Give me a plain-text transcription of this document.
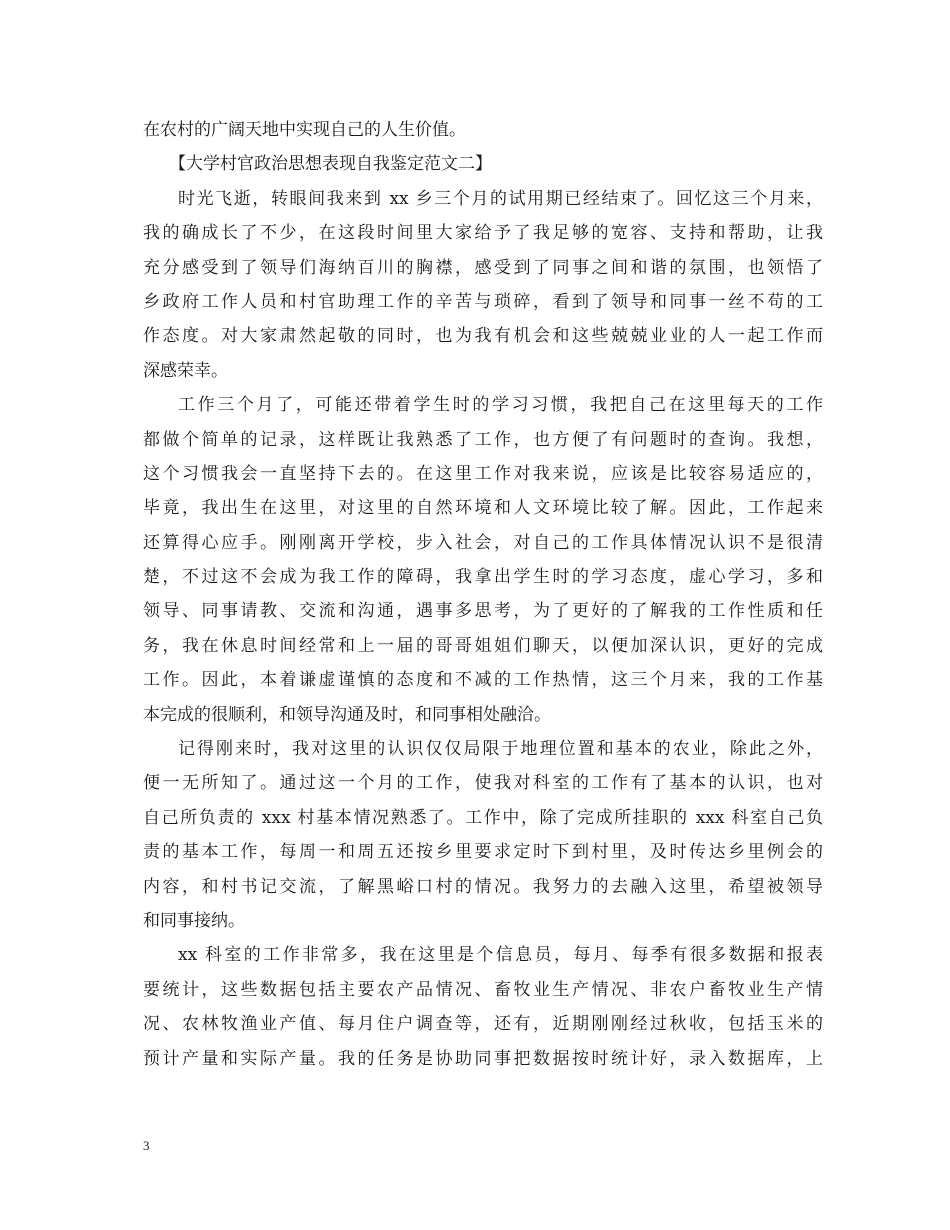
在农村的广阔天地中实现自己的人生价值。
【大学村官政治思想表现自我鉴定范文二】
时光飞逝，转眼间我来到 xx 乡三个月的试用期已经结束了。回忆这三个月来，
我的确成长了不少，在这段时间里大家给予了我足够的宽容、支持和帮助，让我
充分感受到了领导们海纳百川的胸襟，感受到了同事之间和谐的氛围，也领悟了
乡政府工作人员和村官助理工作的辛苦与琐碎，看到了领导和同事一丝不苟的工
作态度。对大家肃然起敬的同时，也为我有机会和这些兢兢业业的人一起工作而
深感荣幸。
工作三个月了，可能还带着学生时的学习习惯，我把自己在这里每天的工作
都做个简单的记录，这样既让我熟悉了工作，也方便了有问题时的查询。我想，
这个习惯我会一直坚持下去的。在这里工作对我来说，应该是比较容易适应的，
毕竟，我出生在这里，对这里的自然环境和人文环境比较了解。因此，工作起来
还算得心应手。刚刚离开学校，步入社会，对自己的工作具体情况认识不是很清
楚，不过这不会成为我工作的障碍，我拿出学生时的学习态度，虚心学习，多和
领导、同事请教、交流和沟通，遇事多思考，为了更好的了解我的工作性质和任
务，我在休息时间经常和上一届的哥哥姐姐们聊天，以便加深认识，更好的完成
工作。因此，本着谦虚谨慎的态度和不减的工作热情，这三个月来，我的工作基
本完成的很顺利，和领导沟通及时，和同事相处融洽。
记得刚来时，我对这里的认识仅仅局限于地理位置和基本的农业，除此之外，
便一无所知了。通过这一个月的工作，使我对科室的工作有了基本的认识，也对
自己所负责的 xxx 村基本情况熟悉了。工作中，除了完成所挂职的 xxx 科室自己负
责的基本工作，每周一和周五还按乡里要求定时下到村里，及时传达乡里例会的
内容，和村书记交流，了解黑峪口村的情况。我努力的去融入这里，希望被领导
和同事接纳。
xx 科室的工作非常多，我在这里是个信息员，每月、每季有很多数据和报表
要统计，这些数据包括主要农产品情况、畜牧业生产情况、非农户畜牧业生产情
况、农林牧渔业产值、每月住户调查等，还有，近期刚刚经过秋收，包括玉米的
预计产量和实际产量。我的任务是协助同事把数据按时统计好，录入数据库，上
3
